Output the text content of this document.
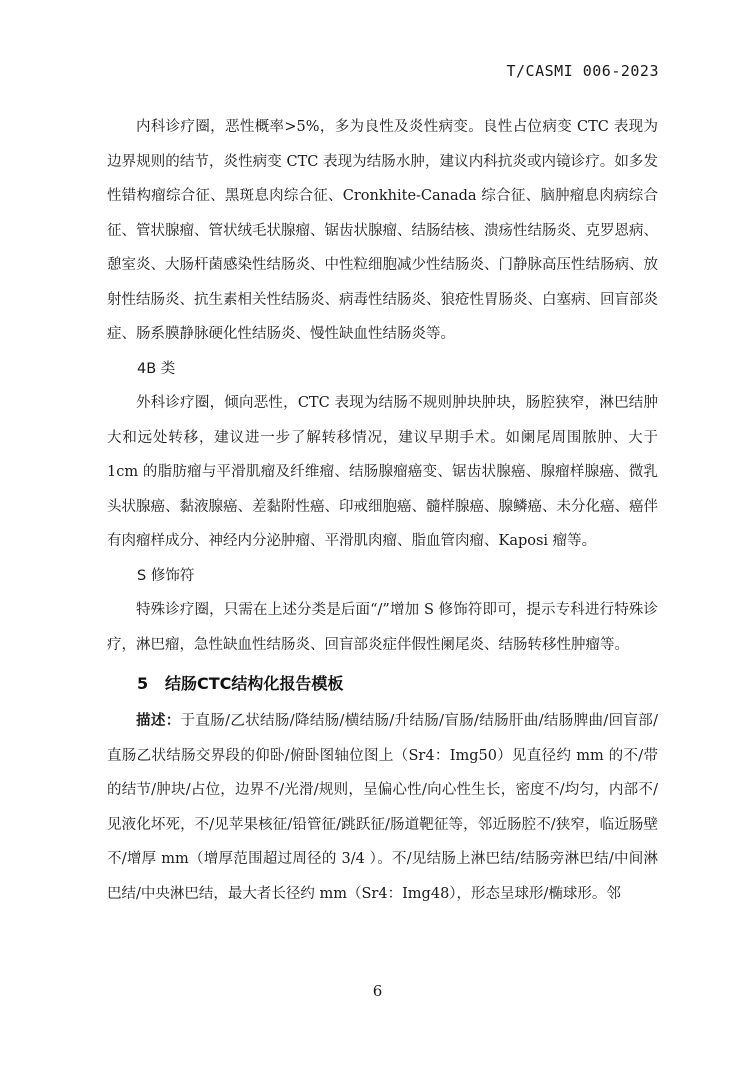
T/CASMI 006-2023

内科诊疗圈，恶性概率>5%，多为良性及炎性病变。良性占位病变 CTC 表现为边界规则的结节，炎性病变 CTC 表现为结肠水肿，建议内科抗炎或内镜诊疗。如多发性错构瘤综合征、黑斑息肉综合征、Cronkhite-Canada 综合征、脑肿瘤息肉病综合征、管状腺瘤、管状绒毛状腺瘤、锯齿状腺瘤、结肠结核、溃疡性结肠炎、克罗恩病、憩室炎、大肠杆菌感染性结肠炎、中性粒细胞减少性结肠炎、门静脉高压性结肠病、放射性结肠炎、抗生素相关性结肠炎、病毒性结肠炎、狼疮性胃肠炎、白塞病、回盲部炎症、肠系膜静脉硬化性结肠炎、慢性缺血性结肠炎等。

4B 类

外科诊疗圈，倾向恶性，CTC 表现为结肠不规则肿块肿块，肠腔狭窄，淋巴结肿大和远处转移，建议进一步了解转移情况，建议早期手术。如阑尾周围脓肿、大于 1cm 的脂肪瘤与平滑肌瘤及纤维瘤、结肠腺瘤癌变、锯齿状腺癌、腺瘤样腺癌、微乳头状腺癌、黏液腺癌、差黏附性癌、印戒细胞癌、髓样腺癌、腺鳞癌、未分化癌、癌伴有肉瘤样成分、神经内分泌肿瘤、平滑肌肉瘤、脂血管肉瘤、Kaposi 瘤等。

S 修饰符

特殊诊疗圈，只需在上述分类是后面“/”增加 S 修饰符即可，提示专科进行特殊诊疗，淋巴瘤，急性缺血性结肠炎、回盲部炎症伴假性阑尾炎、结肠转移性肿瘤等。

5 结肠CTC结构化报告模板

描述：于直肠/乙状结肠/降结肠/横结肠/升结肠/盲肠/结肠肝曲/结肠脾曲/回盲部/直肠乙状结肠交界段的仰卧/俯卧图轴位图上（Sr4：Img50）见直径约 mm 的不/带的结节/肿块/占位，边界不/光滑/规则，呈偏心性/向心性生长，密度不/均匀，内部不/见液化坏死，不/见苹果核征/铅管征/跳跃征/肠道靶征等，邻近肠腔不/狭窄，临近肠壁不/增厚 mm（增厚范围超过周径的 3/4 ）。不/见结肠上淋巴结/结肠旁淋巴结/中间淋巴结/中央淋巴结，最大者长径约 mm（Sr4：Img48），形态呈球形/椭球形。邻

6
